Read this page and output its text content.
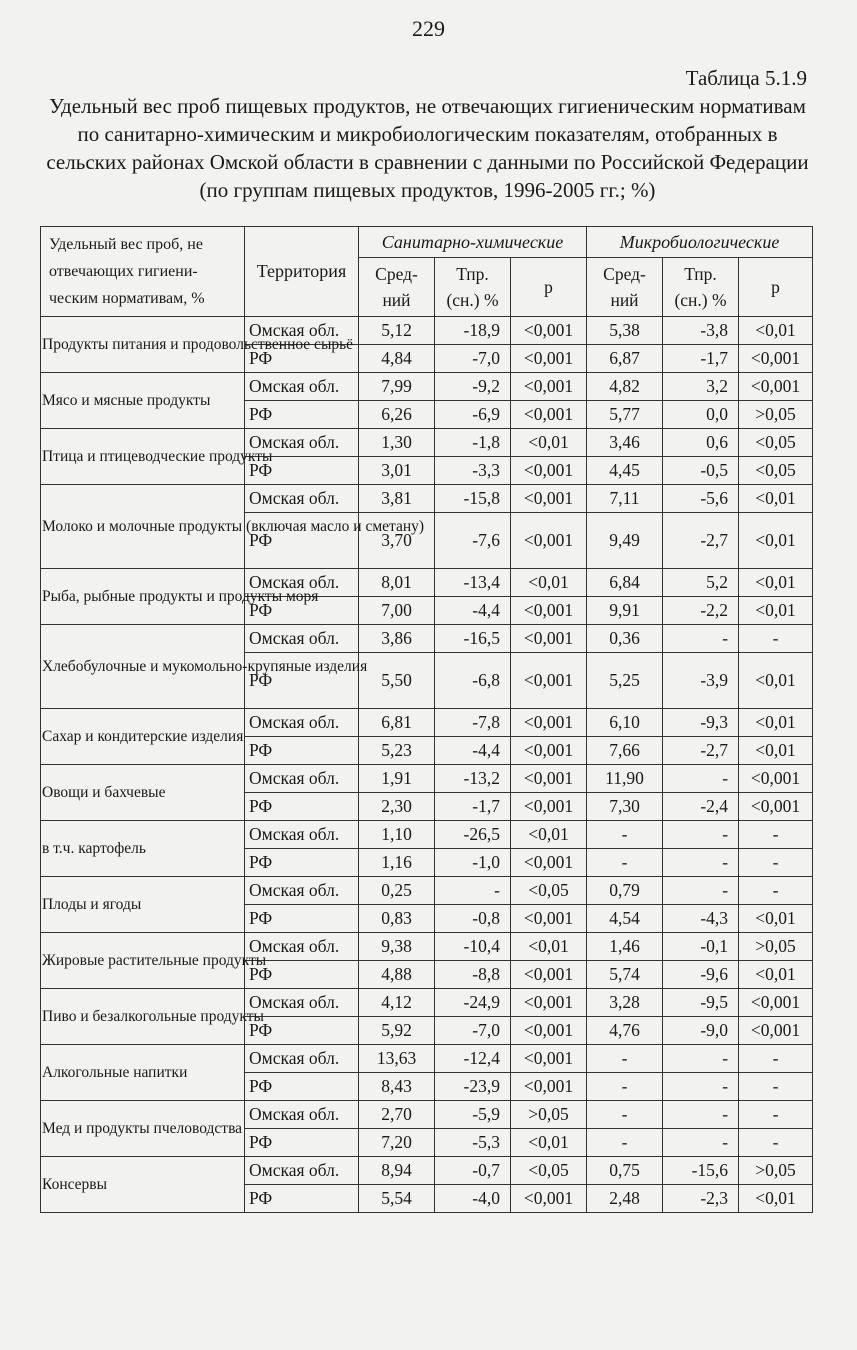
229
Таблица 5.1.9
Удельный вес проб пищевых продуктов, не отвечающих гигиеническим нормативам по санитарно-химическим и микробиологическим показателям, отобранных в сельских районах Омской области в сравнении с данными по Российской Федерации (по группам пищевых продуктов, 1996-2005 гг.; %)
Удельный вес проб, не отвечающих гигиени-ческим нормативам, %	Территория	Санитарно-химические			Микробиологические		
		Сред-ний	Тпр. (сн.) %	р	Сред-ний	Тпр. (сн.) %	р
Продукты питания и продовольственное сырьё	Омская обл.	5,12	-18,9	<0,001	5,38	-3,8	<0,01
	РФ	4,84	-7,0	<0,001	6,87	-1,7	<0,001
Мясо и мясные продукты	Омская обл.	7,99	-9,2	<0,001	4,82	3,2	<0,001
	РФ	6,26	-6,9	<0,001	5,77	0,0	>0,05
Птица и птицеводческие продукты	Омская обл.	1,30	-1,8	<0,01	3,46	0,6	<0,05
	РФ	3,01	-3,3	<0,001	4,45	-0,5	<0,05
Молоко и молочные продукты (включая масло и сметану)	Омская обл.	3,81	-15,8	<0,001	7,11	-5,6	<0,01
	РФ	3,70	-7,6	<0,001	9,49	-2,7	<0,01
Рыба, рыбные продукты и продукты моря	Омская обл.	8,01	-13,4	<0,01	6,84	5,2	<0,01
	РФ	7,00	-4,4	<0,001	9,91	-2,2	<0,01
Хлебобулочные и мукомольно-крупяные изделия	Омская обл.	3,86	-16,5	<0,001	0,36	-	-
	РФ	5,50	-6,8	<0,001	5,25	-3,9	<0,01
Сахар и кондитерские изделия	Омская обл.	6,81	-7,8	<0,001	6,10	-9,3	<0,01
	РФ	5,23	-4,4	<0,001	7,66	-2,7	<0,01
Овощи и бахчевые	Омская обл.	1,91	-13,2	<0,001	11,90	-	<0,001
	РФ	2,30	-1,7	<0,001	7,30	-2,4	<0,001
в т.ч. картофель	Омская обл.	1,10	-26,5	<0,01	-	-	-
	РФ	1,16	-1,0	<0,001	-	-	-
Плоды и ягоды	Омская обл.	0,25	-	<0,05	0,79	-	-
	РФ	0,83	-0,8	<0,001	4,54	-4,3	<0,01
Жировые растительные продукты	Омская обл.	9,38	-10,4	<0,01	1,46	-0,1	>0,05
	РФ	4,88	-8,8	<0,001	5,74	-9,6	<0,01
Пиво и безалкогольные продукты	Омская обл.	4,12	-24,9	<0,001	3,28	-9,5	<0,001
	РФ	5,92	-7,0	<0,001	4,76	-9,0	<0,001
Алкогольные напитки	Омская обл.	13,63	-12,4	<0,001	-	-	-
	РФ	8,43	-23,9	<0,001	-	-	-
Мед и продукты пчеловодства	Омская обл.	2,70	-5,9	>0,05	-	-	-
	РФ	7,20	-5,3	<0,01	-	-	-
Консервы	Омская обл.	8,94	-0,7	<0,05	0,75	-15,6	>0,05
	РФ	5,54	-4,0	<0,001	2,48	-2,3	<0,01
